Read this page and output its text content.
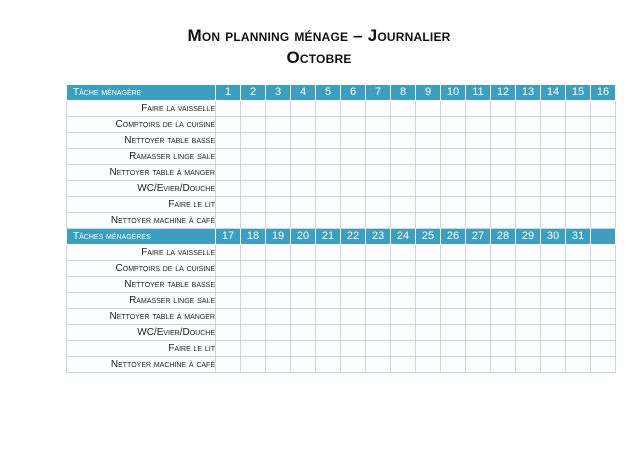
Mon planning ménage – Journalier
Octobre
Tâche ménagère	1	2	3	4	5	6	7	8	9	10	11	12	13	14	15	16
Faire la vaisselle																
Comptoirs de la cuisine																
Nettoyer table basse																
Ramasser linge sale																
Nettoyer table à manger																
WC/Evier/Douche																
Faire le lit																
Nettoyer machine à café																
Tâches ménagères	17	18	19	20	21	22	23	24	25	26	27	28	29	30	31	
Faire la vaisselle																
Comptoirs de la cuisine																
Nettoyer table basse																
Ramasser linge sale																
Nettoyer table à manger																
WC/Evier/Douche																
Faire le lit																
Nettoyer machine à café																
